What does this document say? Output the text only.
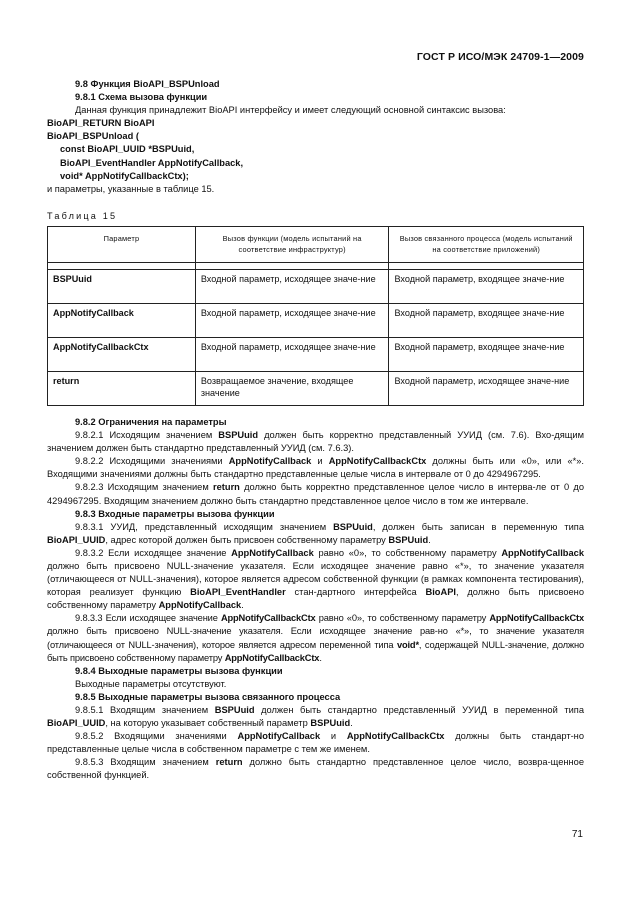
ГОСТ Р ИСО/МЭК 24709-1—2009

9.8 Функция BioAPI_BSPUnload

9.8.1 Схема вызова функции

Данная функция принадлежит BioAPI интерфейсу и имеет следующий основной синтаксис вызова:

BioAPI_RETURN BioAPI

BioAPI_BSPUnload (

const BioAPI_UUID *BSPUuid,

BioAPI_EventHandler AppNotifyCallback,

void* AppNotifyCallbackCtx);

и параметры, указанные в таблице 15.

Таблица 15
Параметр	Вызов функции (модель испытаний на соответствие инфраструктур)	Вызов связанного процесса (модель испытаний на соответствие приложений)

BSPUuid	Входной параметр, исходящее значе-ние	Входной параметр, входящее значе-ние
AppNotifyCallback	Входной параметр, исходящее значе-ние	Входной параметр, входящее значе-ние
AppNotifyCallbackCtx	Входной параметр, исходящее значе-ние	Входной параметр, входящее значе-ние
return	Возвращаемое значение, входящее значение	Входной параметр, исходящее значе-ние

9.8.2 Ограничения на параметры

9.8.2.1 Исходящим значением BSPUuid должен быть корректно представленный УУИД (см. 7.6). Вхо-дящим значением должен быть стандартно представленный УУИД (см. 7.6.3).

9.8.2.2 Исходящими значениями AppNotifyCallback и AppNotifyCallbackCtx должны быть или «0», или «*». Входящими значениями должны быть стандартно представленные целые числа в интервале от 0 до 4294967295.

9.8.2.3 Исходящим значением return должно быть корректно представленное целое число в интерва-ле от 0 до 4294967295. Входящим значением должно быть стандартно представленное целое число в том же интервале.

9.8.3 Входные параметры вызова функции

9.8.3.1 УУИД, представленный исходящим значением BSPUuid, должен быть записан в переменную типа BioAPI_UUID, адрес которой должен быть присвоен собственному параметру BSPUuid.

9.8.3.2 Если исходящее значение AppNotifyCallback равно «0», то собственному параметру AppNotifyCallback должно быть присвоено NULL-значение указателя. Если исходящее значение равно «*», то значение указателя (отличающееся от NULL-значения), которое является адресом собственной функции (в рамках компонента тестирования), которая реализует функцию BioAPI_EventHandler стан-дартного интерфейса BioAPI, должно быть присвоено собственному параметру AppNotifyCallback.

9.8.3.3 Если исходящее значение AppNotifyCallbackCtx равно «0», то собственному параметру AppNotifyCallbackCtx должно быть присвоено NULL-значение указателя. Если исходящее значение рав-но «*», то значение указателя (отличающееся от NULL-значения), которое является адресом переменной типа void*, содержащей NULL-значение, должно быть присвоено собственному параметру AppNotifyCallbackCtx.

9.8.4 Выходные параметры вызова функции

Выходные параметры отсутствуют.

9.8.5 Выходные параметры вызова связанного процесса

9.8.5.1 Входящим значением BSPUuid должен быть стандартно представленный УУИД в переменной типа BioAPI_UUID, на которую указывает собственный параметр BSPUuid.

9.8.5.2 Входящими значениями AppNotifyCallback и AppNotifyCallbackCtx должны быть стандарт-но представленные целые числа в собственном параметре с тем же именем.

9.8.5.3 Входящим значением return должно быть стандартно представленное целое число, возвра-щенное собственной функцией.

71
